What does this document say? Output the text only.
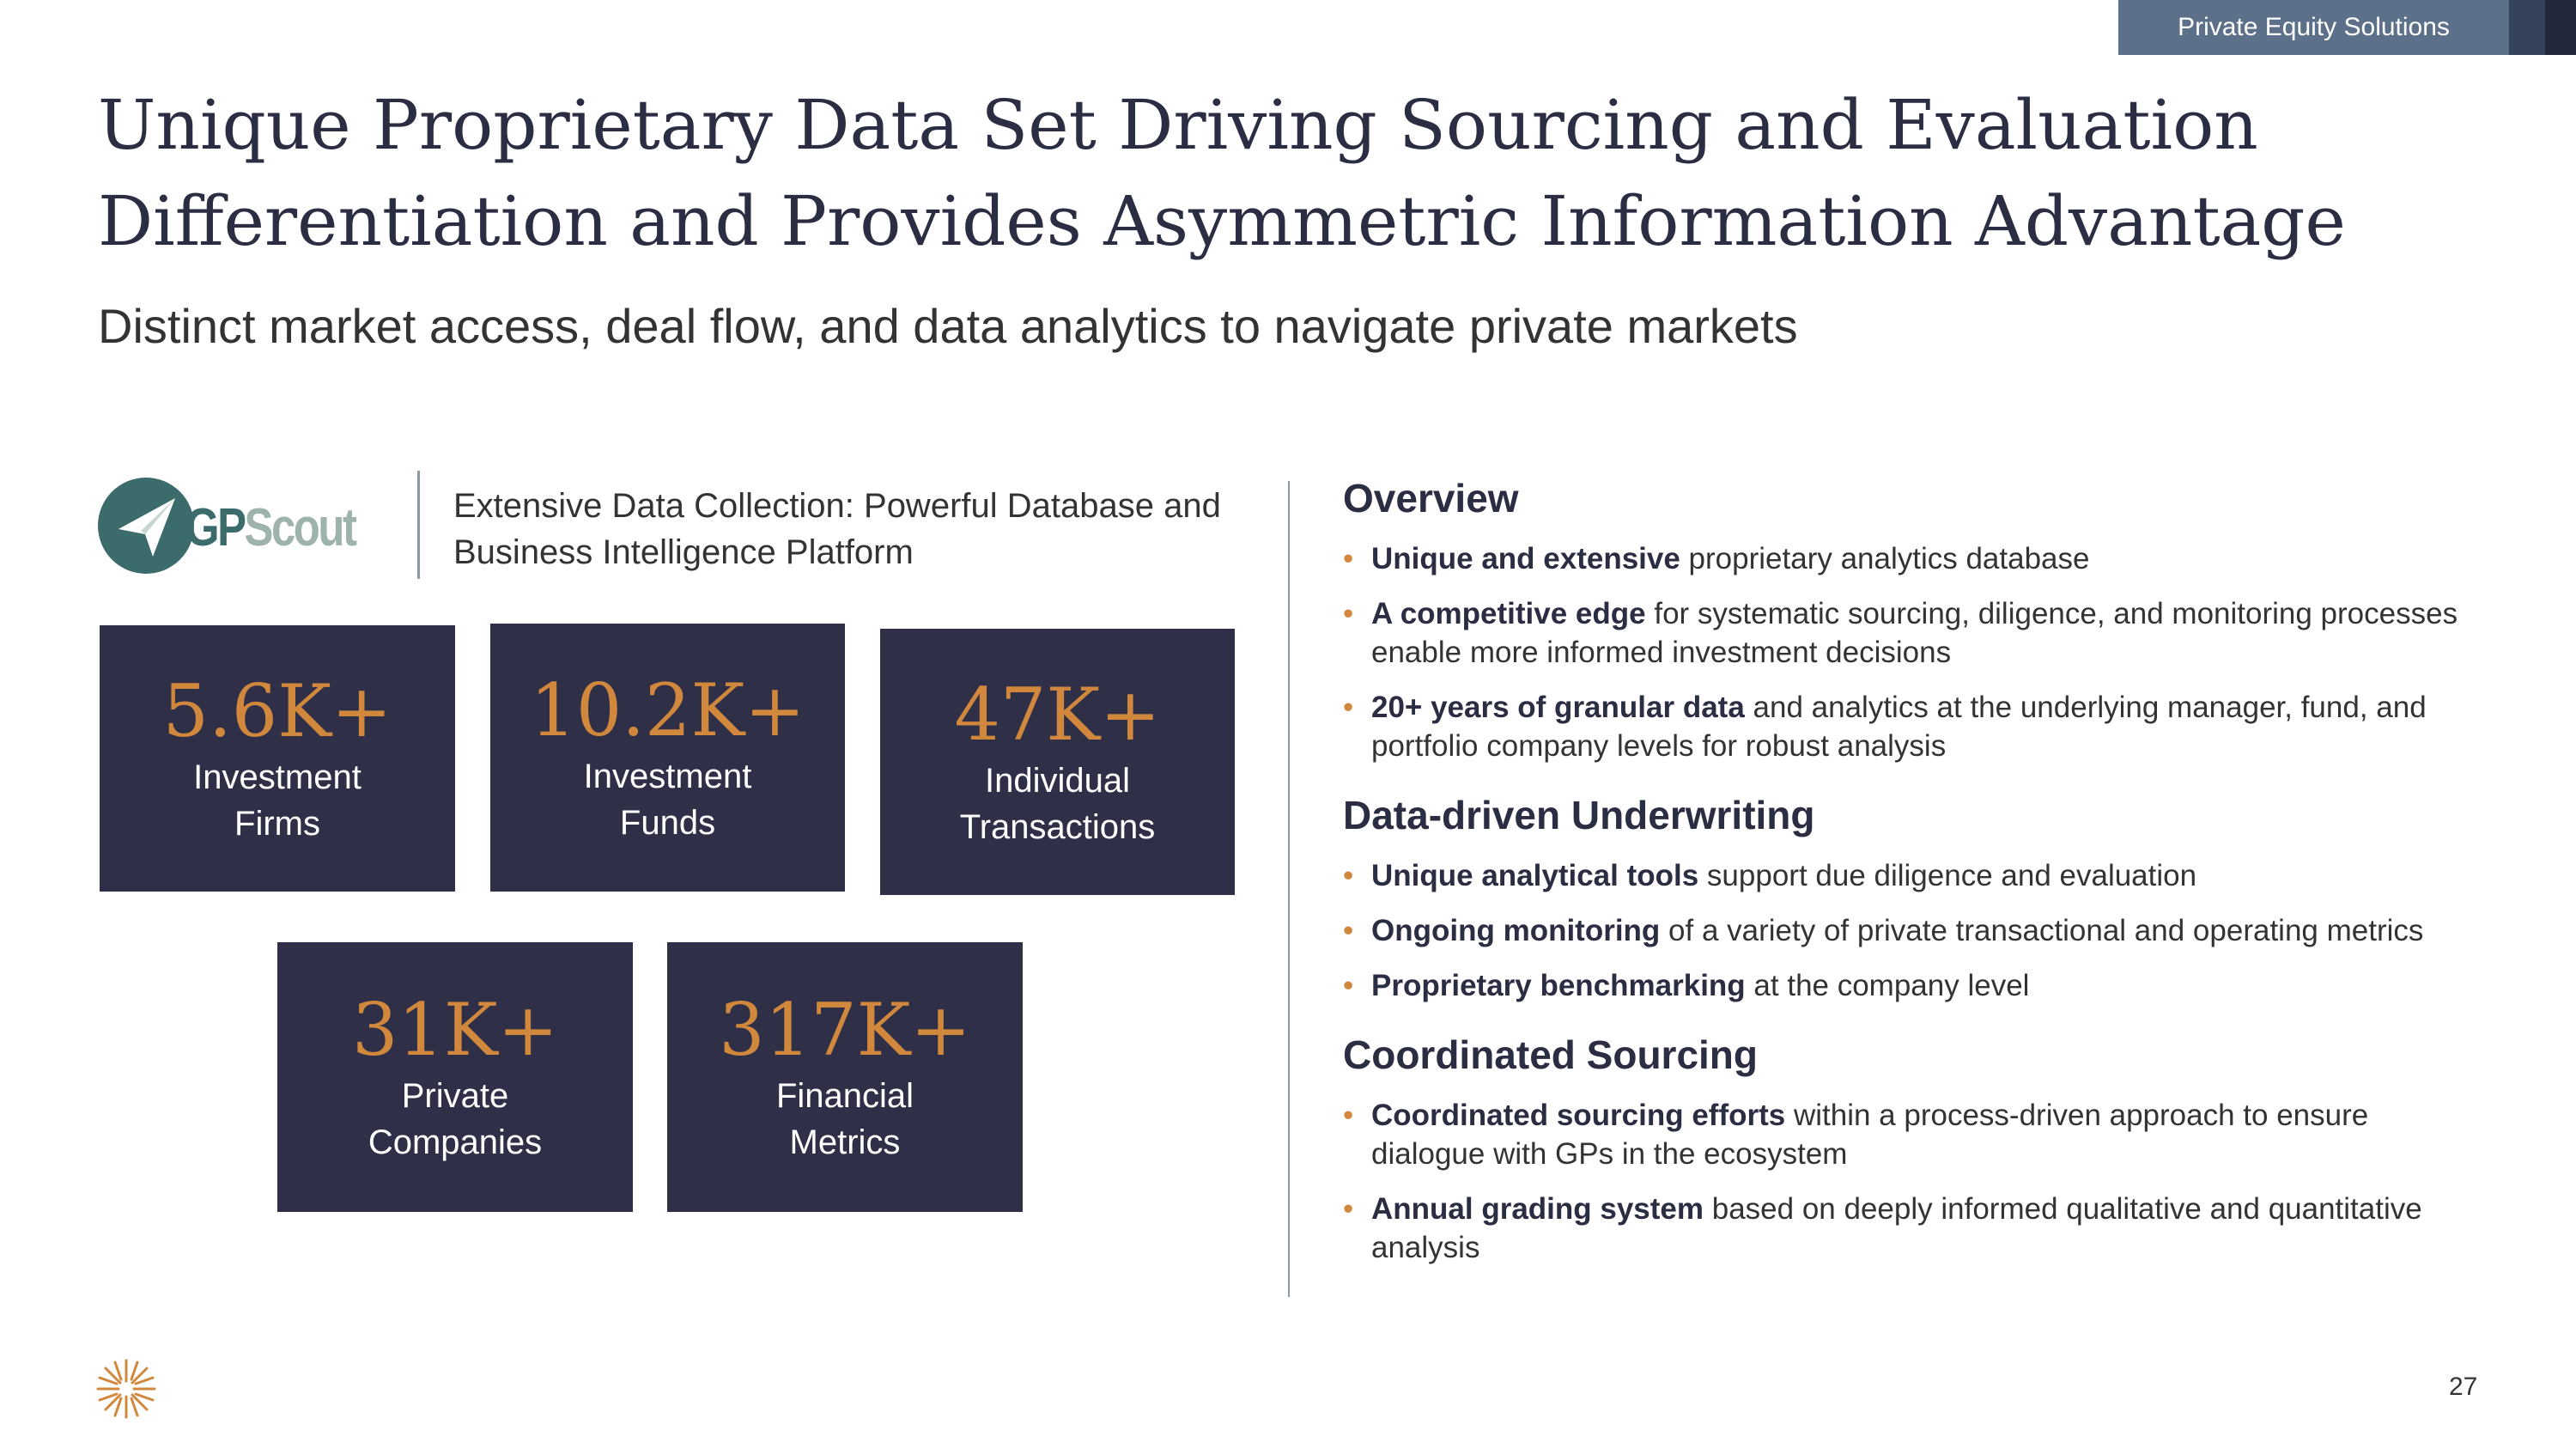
Private Equity Solutions
Unique Proprietary Data Set Driving Sourcing and Evaluation Differentiation and Provides Asymmetric Information Advantage

Distinct market access, deal flow, and data analytics to navigate private markets

GPScout	Extensive Data Collection: Powerful Database and Business Intelligence Platform
5.6K+
Investment
Firms
10.2K+
Investment
Funds
47K+
Individual
Transactions
31K+
Private
Companies
317K+
Financial
Metrics
Overview
• Unique and extensive proprietary analytics database
• A competitive edge for systematic sourcing, diligence, and monitoring processes enable more informed investment decisions
• 20+ years of granular data and analytics at the underlying manager, fund, and portfolio company levels for robust analysis
Data-driven Underwriting
• Unique analytical tools support due diligence and evaluation
• Ongoing monitoring of a variety of private transactional and operating metrics
• Proprietary benchmarking at the company level
Coordinated Sourcing
• Coordinated sourcing efforts within a process-driven approach to ensure dialogue with GPs in the ecosystem
• Annual grading system based on deeply informed qualitative and quantitative analysis
27
